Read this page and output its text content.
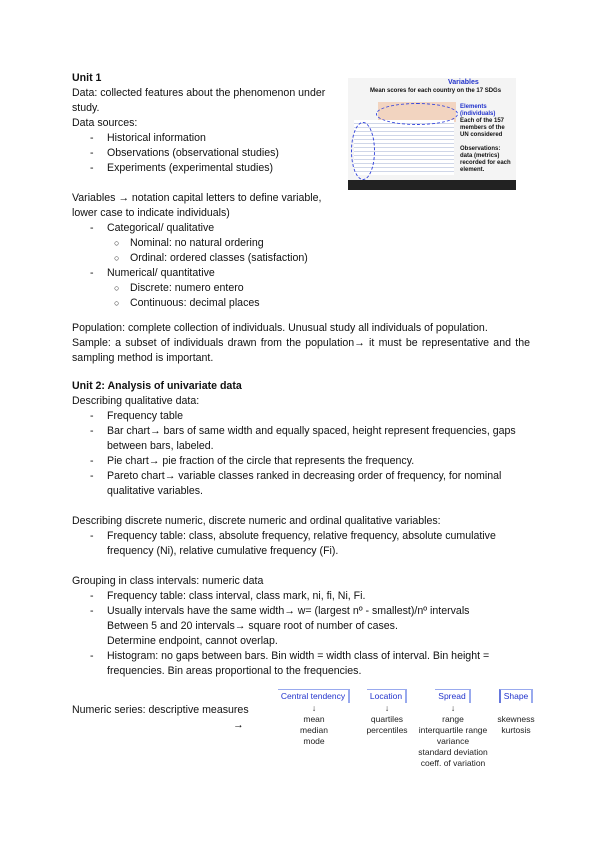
Unit 1

Data: collected features about the phenomenon under study.

Data sources:

- Historical information
- Observations (observational studies)
- Experiments (experimental studies)
Variables
Mean scores for each country on the 17 SDGs
Elements (individuals)
Each of the 157 members of the UN considered
Observations: data (metrics) recorded for each element.

Variables → notation capital letters to define variable, lower case to indicate individuals)

- Categorical/ qualitative
○ Nominal: no natural ordering
○ Ordinal: ordered classes (satisfaction)
- Numerical/ quantitative
○ Discrete: numero entero
○ Continuous: decimal places

Population: complete collection of individuals. Unusual study all individuals of population.

Sample: a subset of individuals drawn from the population→ it must be representative and the sampling method is important.

Unit 2: Analysis of univariate data

Describing qualitative data:

- Frequency table
- Bar chart→ bars of same width and equally spaced, height represent frequencies, gaps between bars, labeled.
- Pie chart→ pie fraction of the circle that represents the frequency.
- Pareto chart→ variable classes ranked in decreasing order of frequency, for nominal qualitative variables.

Describing discrete numeric, discrete numeric and ordinal qualitative variables:

- Frequency table: class, absolute frequency, relative frequency, absolute cumulative frequency (Ni), relative cumulative frequency (Fi).

Grouping in class intervals: numeric data

- Frequency table: class interval, class mark, ni, fi, Ni, Fi.
- Usually intervals have the same width→ w= (largest nº - smallest)/nº intervals
Between 5 and 20 intervals→ square root of number of cases.
Determine endpoint, cannot overlap.
- Histogram: no gaps between bars. Bin width = width class of interval. Bin height = frequencies. Bin areas proportional to the frequencies.
Numeric series: descriptive measures
→
Central tendency
↓
mean
median
mode
Location
↓
quartiles
percentiles
Spread
↓
range
interquartile range
variance
standard deviation
coeff. of variation
Shape
skewness
kurtosis
